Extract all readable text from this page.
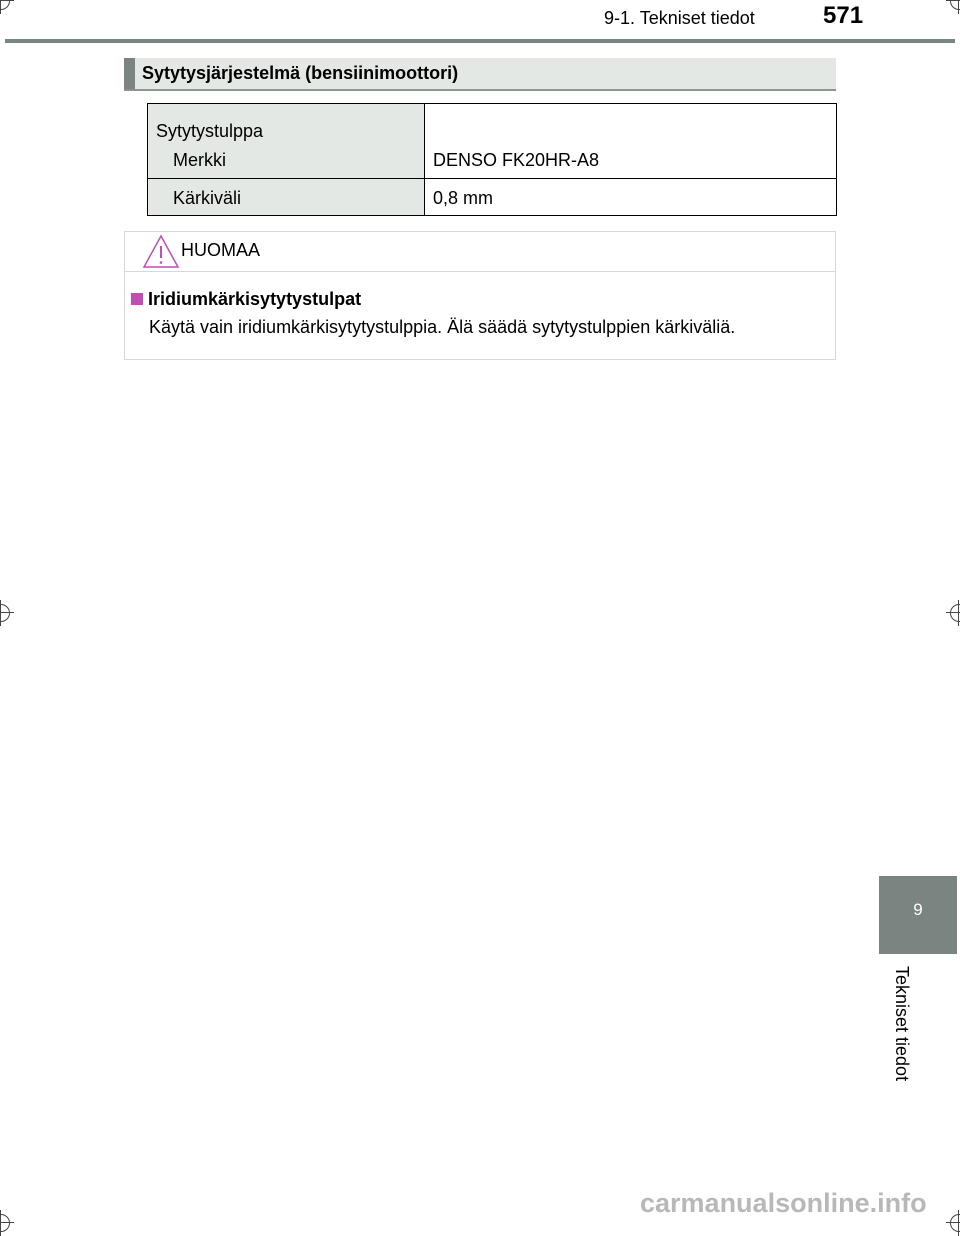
9-1. Tekniset tiedot	571
Sytytysjärjestelmä (bensiinimoottori)
Sytytystulppa
Merkki	DENSO FK20HR-A8

Kärkiväli	0,8 mm
HUOMAA
Iridiumkärkisytytystulpat
Käytä vain iridiumkärkisytytystulppia. Älä säädä sytytystulppien kärkiväliä.
9
Tekniset tiedot
carmanualsonline.info
